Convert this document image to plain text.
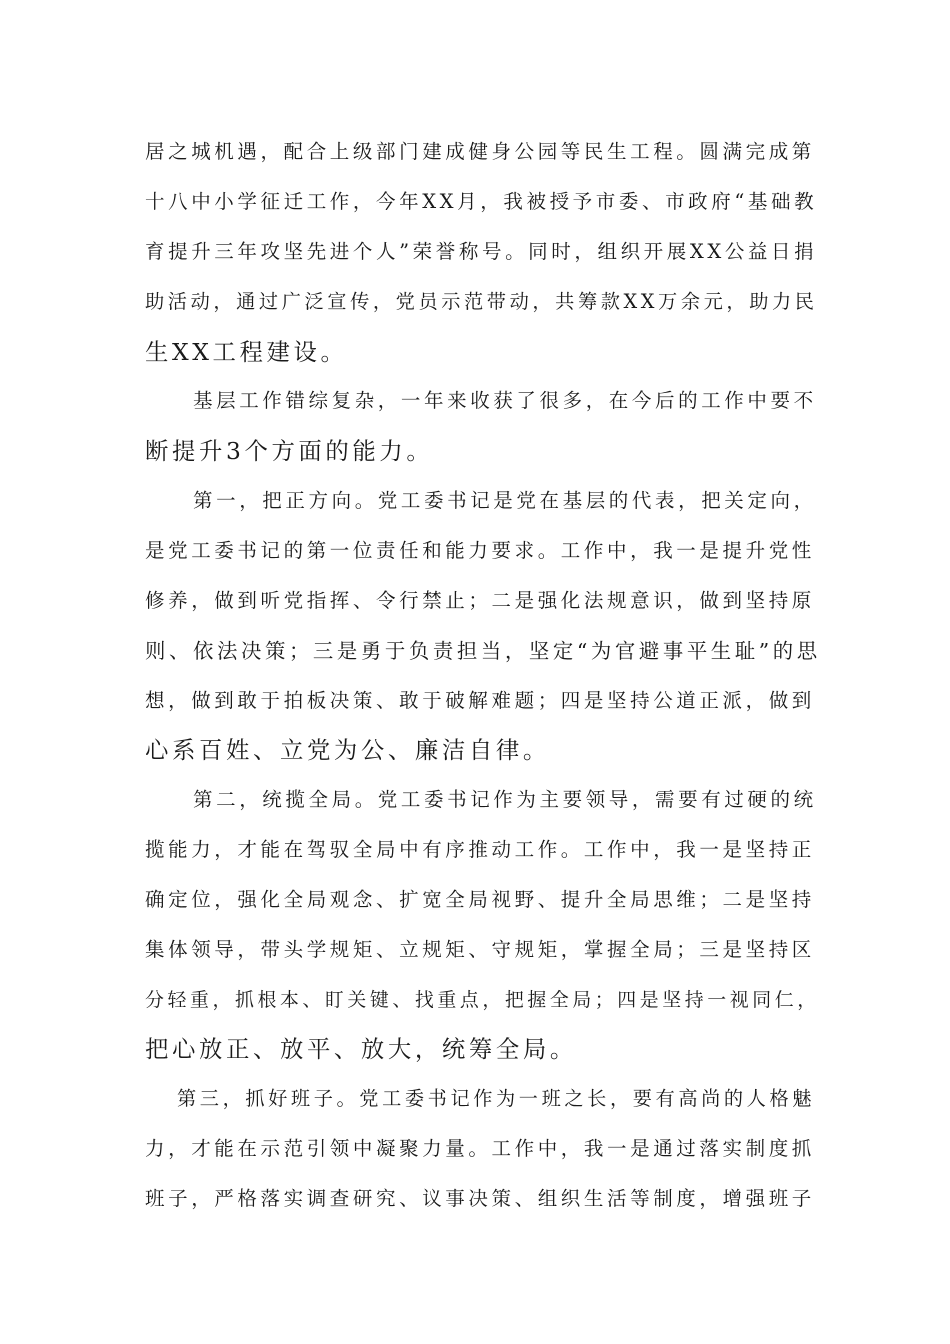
居之城机遇，配合上级部门建成健身公园等民生工程。圆满完成第
十八中小学征迁工作，今年XX月，我被授予市委、市政府“基础教
育提升三年攻坚先进个人”荣誉称号。同时，组织开展XX公益日捐
助活动，通过广泛宣传，党员示范带动，共筹款XX万余元，助力民
生XX工程建设。
基层工作错综复杂，一年来收获了很多，在今后的工作中要不
断提升3个方面的能力。
第一，把正方向。党工委书记是党在基层的代表，把关定向，
是党工委书记的第一位责任和能力要求。工作中，我一是提升党性
修养，做到听党指挥、令行禁止；二是强化法规意识，做到坚持原
则、依法决策；三是勇于负责担当，坚定“为官避事平生耻”的思
想，做到敢于拍板决策、敢于破解难题；四是坚持公道正派，做到
心系百姓、立党为公、廉洁自律。
第二，统揽全局。党工委书记作为主要领导，需要有过硬的统
揽能力，才能在驾驭全局中有序推动工作。工作中，我一是坚持正
确定位，强化全局观念、扩宽全局视野、提升全局思维；二是坚持
集体领导，带头学规矩、立规矩、守规矩，掌握全局；三是坚持区
分轻重，抓根本、盯关键、找重点，把握全局；四是坚持一视同仁，
把心放正、放平、放大，统筹全局。
第三，抓好班子。党工委书记作为一班之长，要有高尚的人格魅
力，才能在示范引领中凝聚力量。工作中，我一是通过落实制度抓
班子，严格落实调查研究、议事决策、组织生活等制度，增强班子
